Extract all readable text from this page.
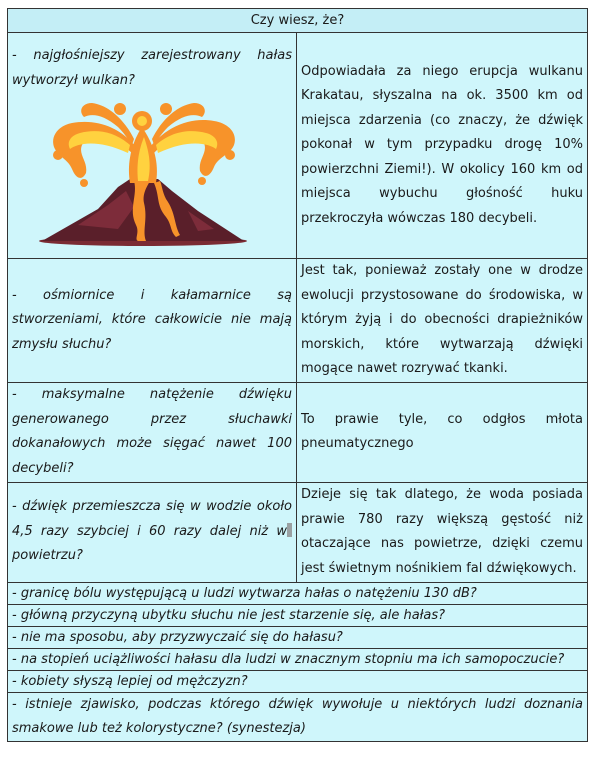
Czy wiesz, że?	

- najgłośniejszy zarejestrowany hałas wytworzył wulkan?	Odpowiadała za niego erupcja wulkanu Krakatau, słyszalna na ok. 3500 km od miejsca zdarzenia (co znaczy, że dźwięk pokonał w tym przypadku drogę 10% powierzchni Ziemi!). W okolicy 160 km od miejsca wybuchu głośność huku przekroczyła wówczas 180 decybeli.

- ośmiornice i kałamarnice są stworzeniami, które całkowicie nie mają zmysłu słuchu?	Jest tak, ponieważ zostały one w drodze ewolucji przystosowane do środowiska, w którym żyją i do obecności drapieżników morskich, które wytwarzają dźwięki mogące nawet rozrywać tkanki.

- maksymalne natężenie dźwięku generowanego przez słuchawki dokanałowych może sięgać nawet 100 decybeli?	To prawie tyle, co odgłos młota pneumatycznego

- dźwięk przemieszcza się w wodzie około 4,5 razy szybciej i 60 razy dalej niż wpowietrzu?	Dzieje się tak dlatego, że woda posiada prawie 780 razy większą gęstość niż otaczające nas powietrze, dzięki czemu jest świetnym nośnikiem fal dźwiękowych.

- granicę bólu występującą u ludzi wytwarza hałas o natężeniu 130 dB?	
- główną przyczyną ubytku słuchu nie jest starzenie się, ale hałas?	
- nie ma sposobu, aby przyzwyczaić się do hałasu?	
- na stopień uciążliwości hałasu dla ludzi w znacznym stopniu ma ich samopoczucie?	
- kobiety słyszą lepiej od mężczyzn?	
- istnieje zjawisko, podczas którego dźwięk wywołuje u niektórych ludzi doznania smakowe lub też kolorystyczne? (synestezja)	
